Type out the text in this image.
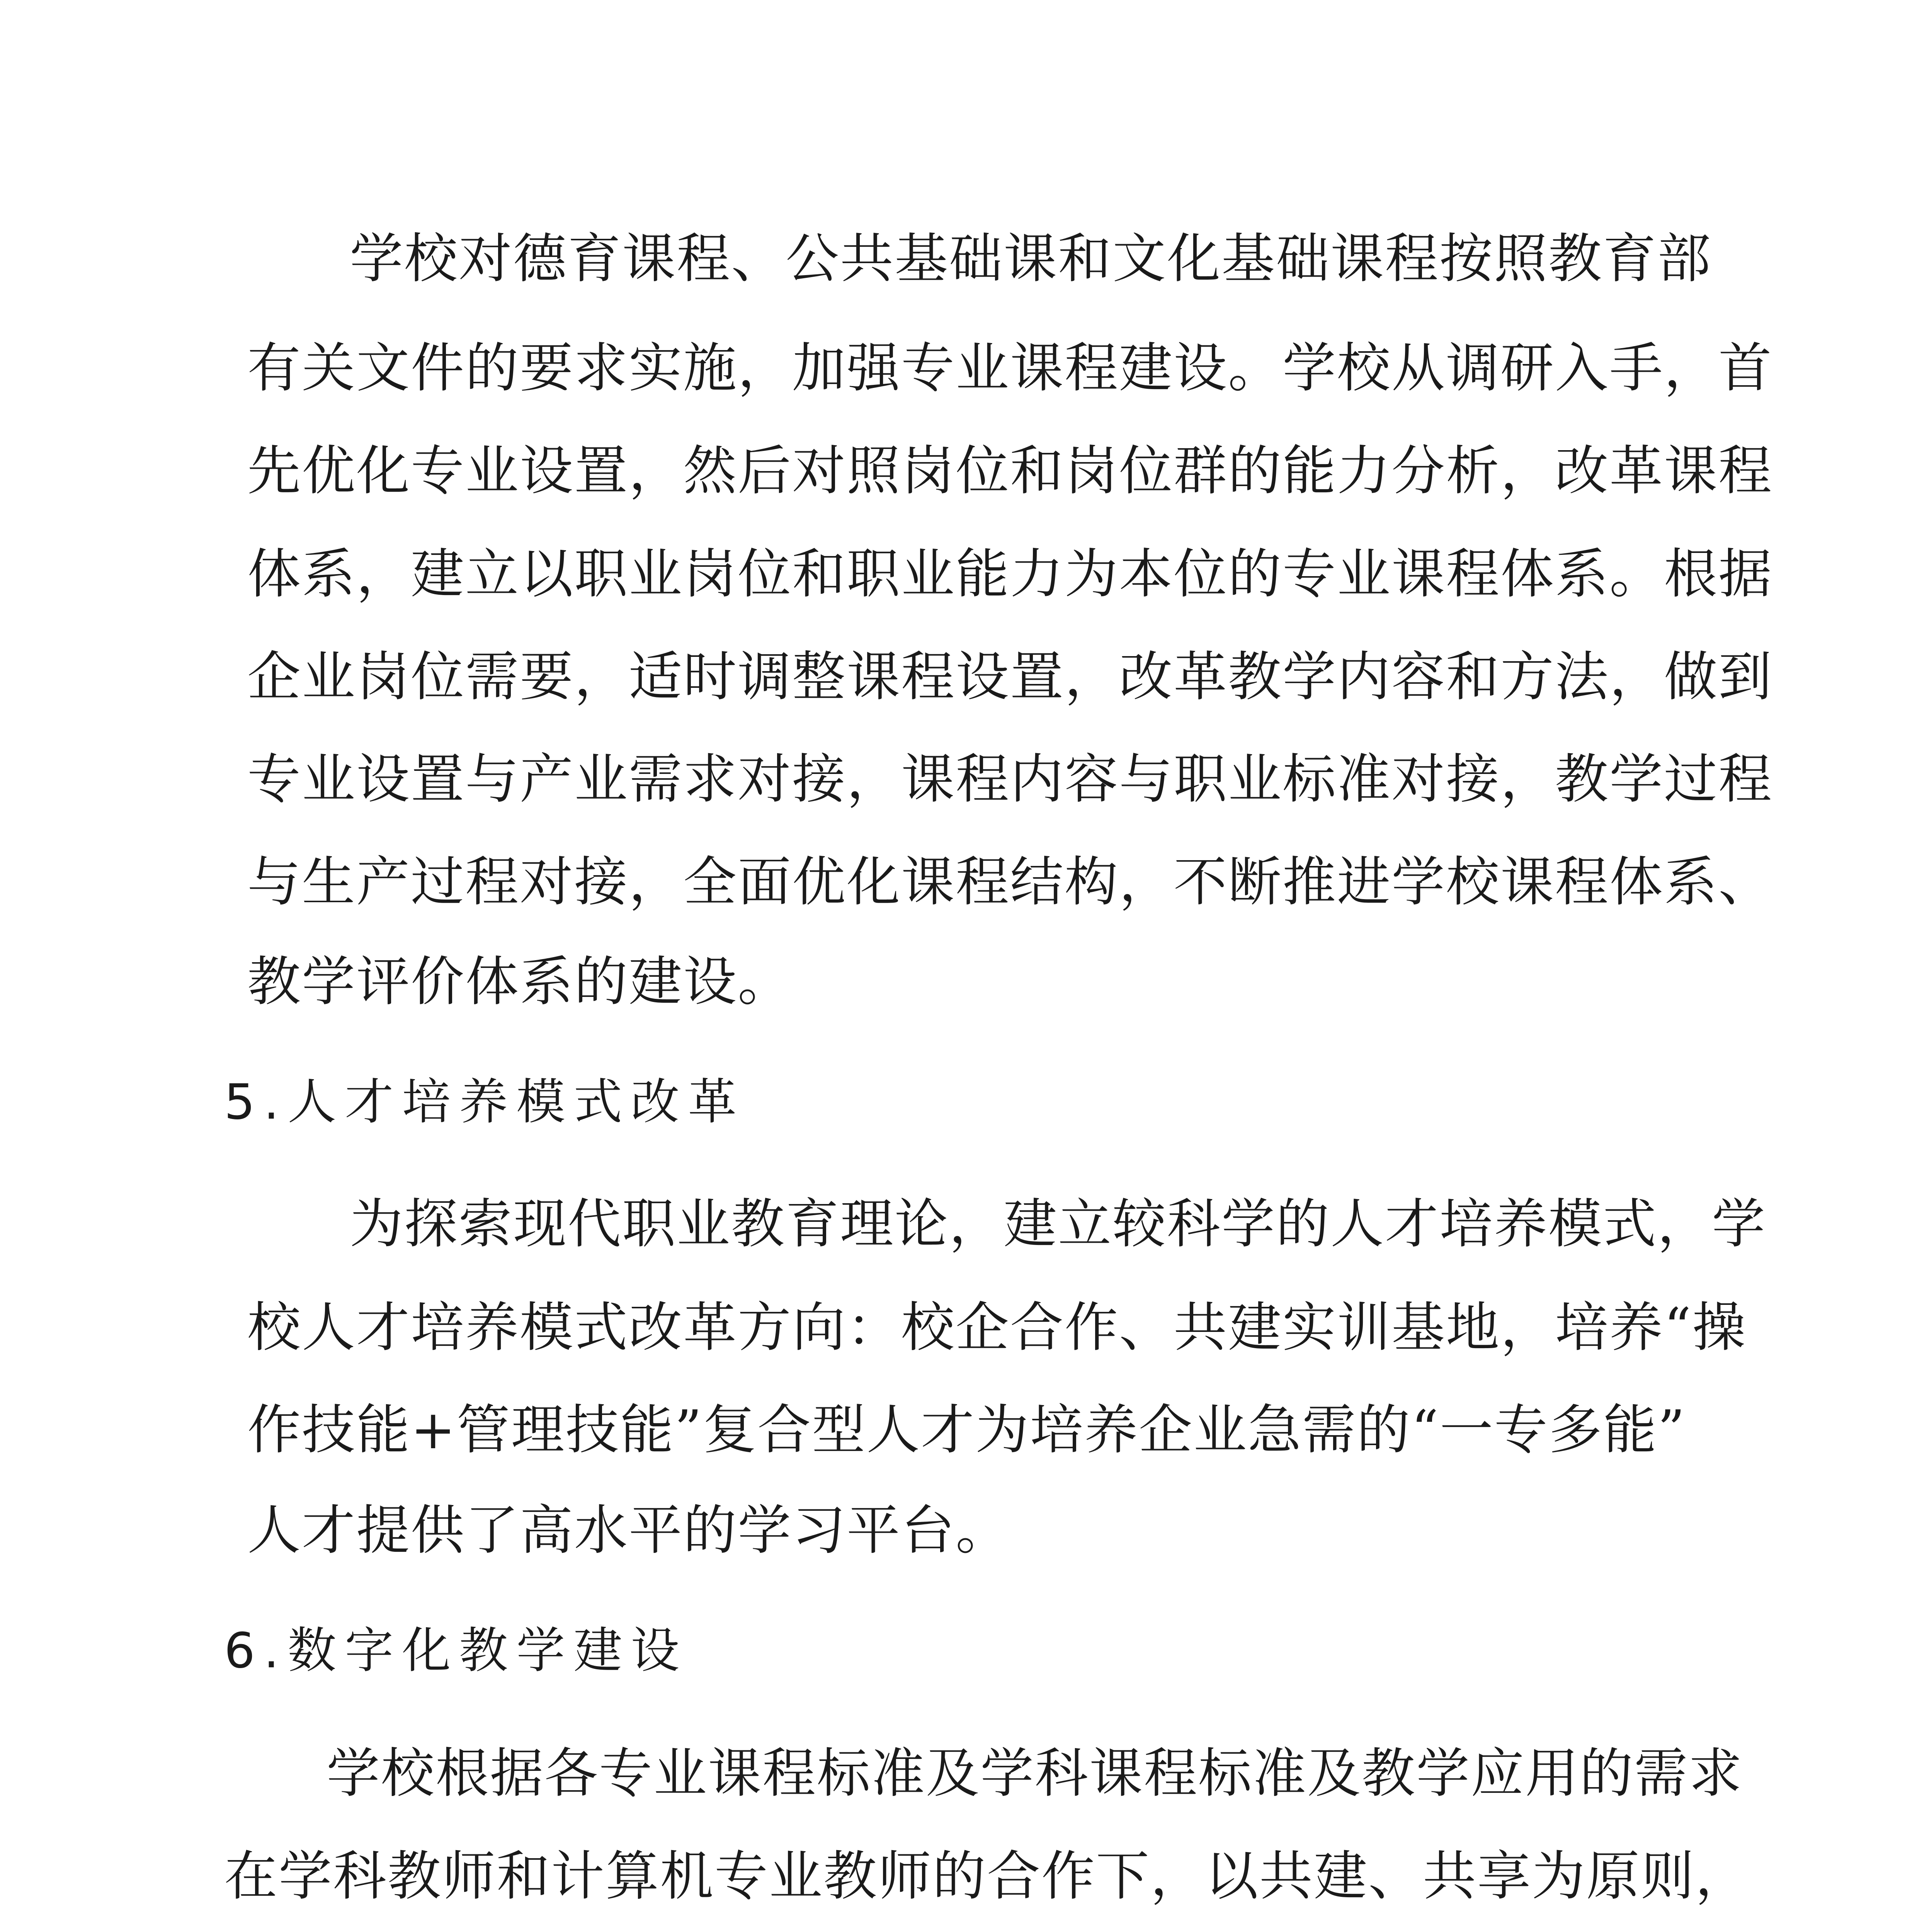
学校对德育课程、公共基础课和文化基础课程按照教育部
有关文件的要求实施，加强专业课程建设。学校从调研入手，首
先优化专业设置，然后对照岗位和岗位群的能力分析，改革课程
体系，建立以职业岗位和职业能力为本位的专业课程体系。根据
企业岗位需要，适时调整课程设置，改革教学内容和方法，做到
专业设置与产业需求对接，课程内容与职业标准对接，教学过程
与生产过程对接，全面优化课程结构，不断推进学校课程体系、
教学评价体系的建设。
5.人才培养模式改革
为探索现代职业教育理论，建立较科学的人才培养模式，学
校人才培养模式改革方向：校企合作、共建实训基地，培养“操
作技能+管理技能”复合型人才为培养企业急需的“一专多能”
人才提供了高水平的学习平台。
6.数字化教学建设
学校根据各专业课程标准及学科课程标准及教学应用的需求
在学科教师和计算机专业教师的合作下，以共建、共享为原则，
